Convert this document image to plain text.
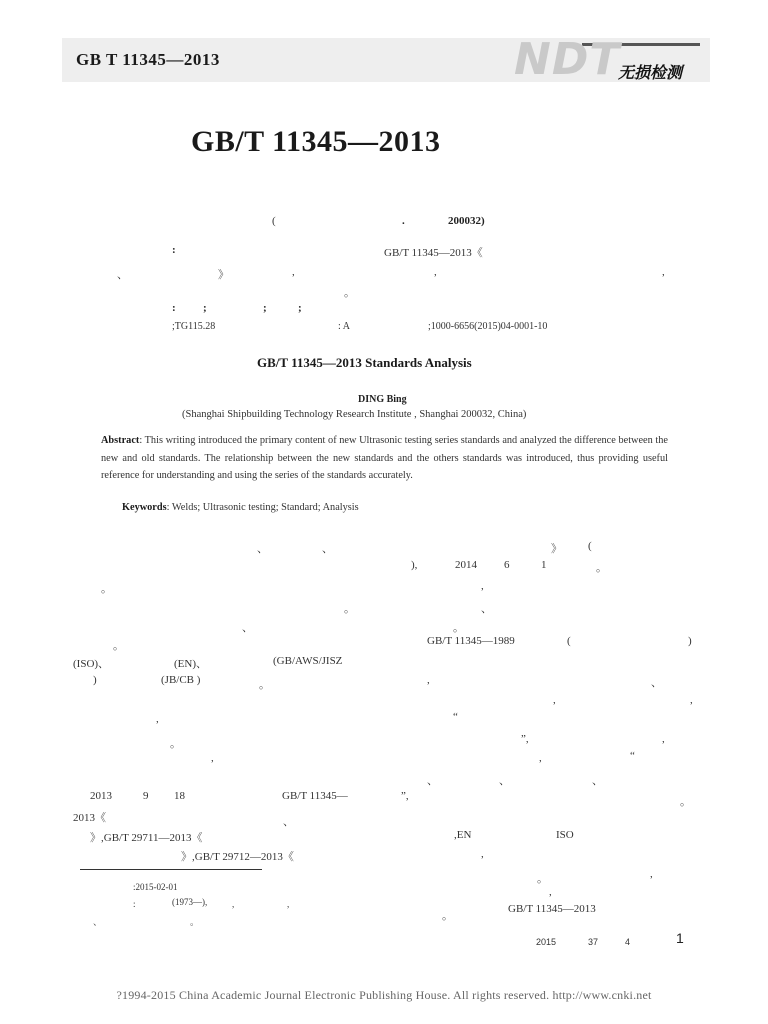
GB T 11345—2013	NDT
无损检测
GB/T 11345—2013
(	.	200032)
:	GB/T 11345—2013《
、	》	,	,	,
。
: ;	;	;
;TG115.28	: A	;1000-6656(2015)04-0001-10
GB/T 11345—2013 Standards Analysis
DING Bing
(Shanghai Shipbuilding Technology Research Institute , Shanghai 200032, China)
Abstract: This writing introduced the primary content of new Ultrasonic testing series standards and analyzed the difference between the new and old standards. The relationship between the new standards and the others standards was introduced, thus providing useful reference for understanding and using the series of the standards accurately.
Keywords: Welds; Ultrasonic testing; Standard; Analysis
、	、	》 (
),	2014 6	1	。
。	,
。	、
、	。
。	GB/T 11345—1989	(	)
(ISO)、	(EN)、	(GB/AWS/JISZ
)	(JB/CB )	。	,	、
,	,
,	“
。	”,	,
,	,	“
、	、	、
2013	9 18	GB/T 11345—	”,	。
2013《	、
》,GB/T 29711—2013《	,EN	ISO
》,GB/T 29712—2013《	,
。	,
,
。
GB/T 11345—2013
:2015-02-01
:	(1973—),	,	,
、	。
2015	37	4	1
?1994-2015 China Academic Journal Electronic Publishing House. All rights reserved. http://www.cnki.net
